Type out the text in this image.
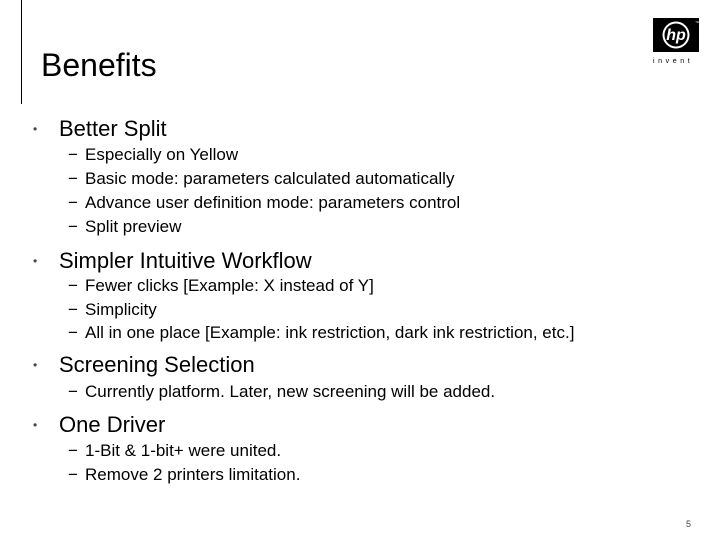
Benefits
hp
™
invent
• Better Split
− Especially on Yellow
− Basic mode: parameters calculated automatically
− Advance user definition mode: parameters control
− Split preview
• Simpler Intuitive Workflow
− Fewer clicks [Example: X instead of Y]
− Simplicity
− All in one place [Example: ink restriction, dark ink restriction, etc.]
• Screening Selection
− Currently platform. Later, new screening will be added.
• One Driver
− 1-Bit & 1-bit+ were united.
− Remove 2 printers limitation.
5
